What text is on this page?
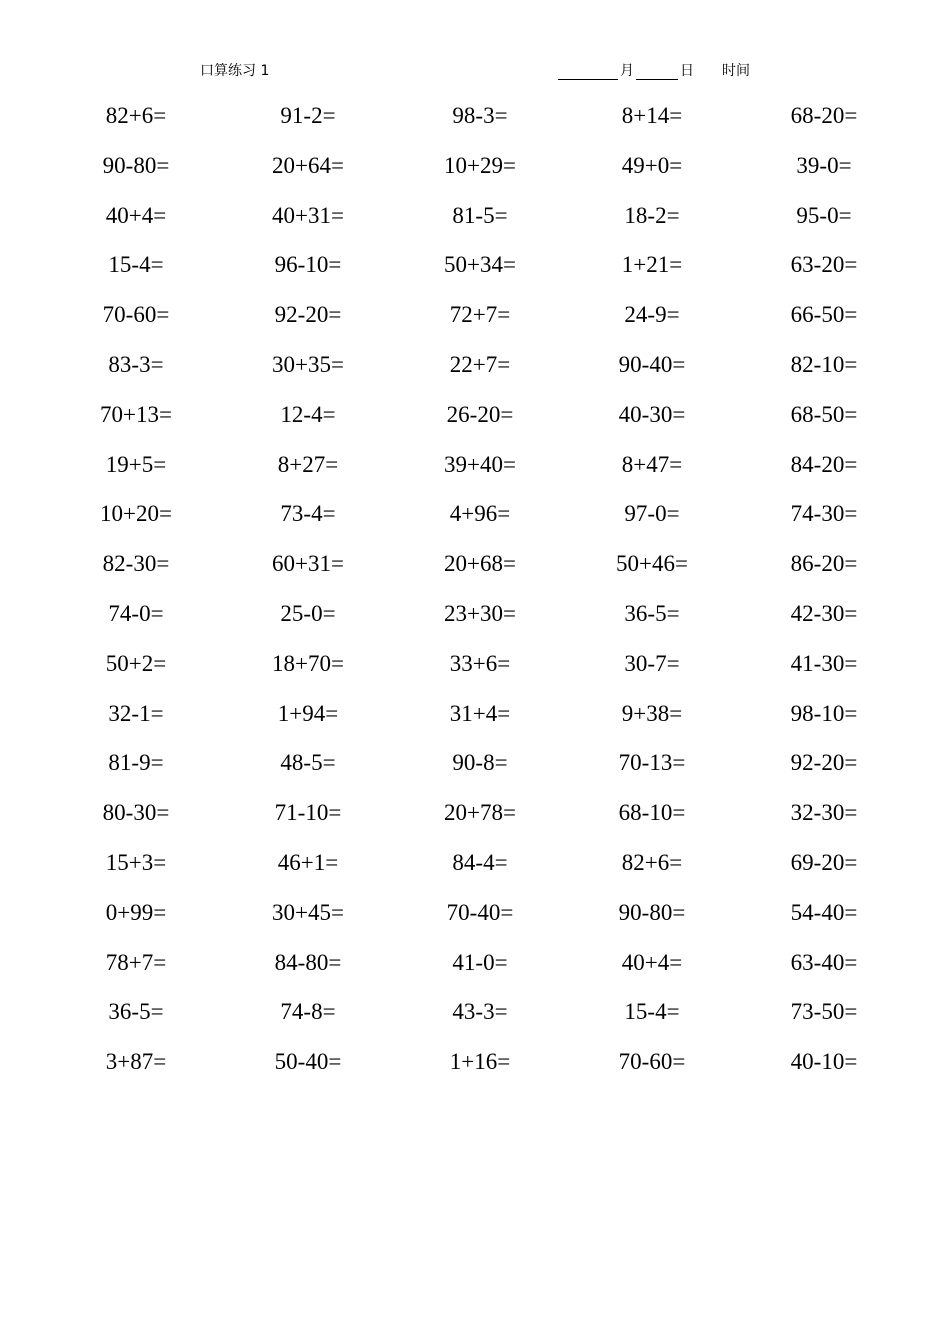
口算练习 1	月	日 时间
82+6=	91-2=	98-3=	8+14=	68-20=
90-80=	20+64=	10+29=	49+0=	39-0=
40+4=	40+31=	81-5=	18-2=	95-0=
15-4=	96-10=	50+34=	1+21=	63-20=
70-60=	92-20=	72+7=	24-9=	66-50=
83-3=	30+35=	22+7=	90-40=	82-10=
70+13=	12-4=	26-20=	40-30=	68-50=
19+5=	8+27=	39+40=	8+47=	84-20=
10+20=	73-4=	4+96=	97-0=	74-30=
82-30=	60+31=	20+68=	50+46=	86-20=
74-0=	25-0=	23+30=	36-5=	42-30=
50+2=	18+70=	33+6=	30-7=	41-30=
32-1=	1+94=	31+4=	9+38=	98-10=
81-9=	48-5=	90-8=	70-13=	92-20=
80-30=	71-10=	20+78=	68-10=	32-30=
15+3=	46+1=	84-4=	82+6=	69-20=
0+99=	30+45=	70-40=	90-80=	54-40=
78+7=	84-80=	41-0=	40+4=	63-40=
36-5=	74-8=	43-3=	15-4=	73-50=
3+87=	50-40=	1+16=	70-60=	40-10=
